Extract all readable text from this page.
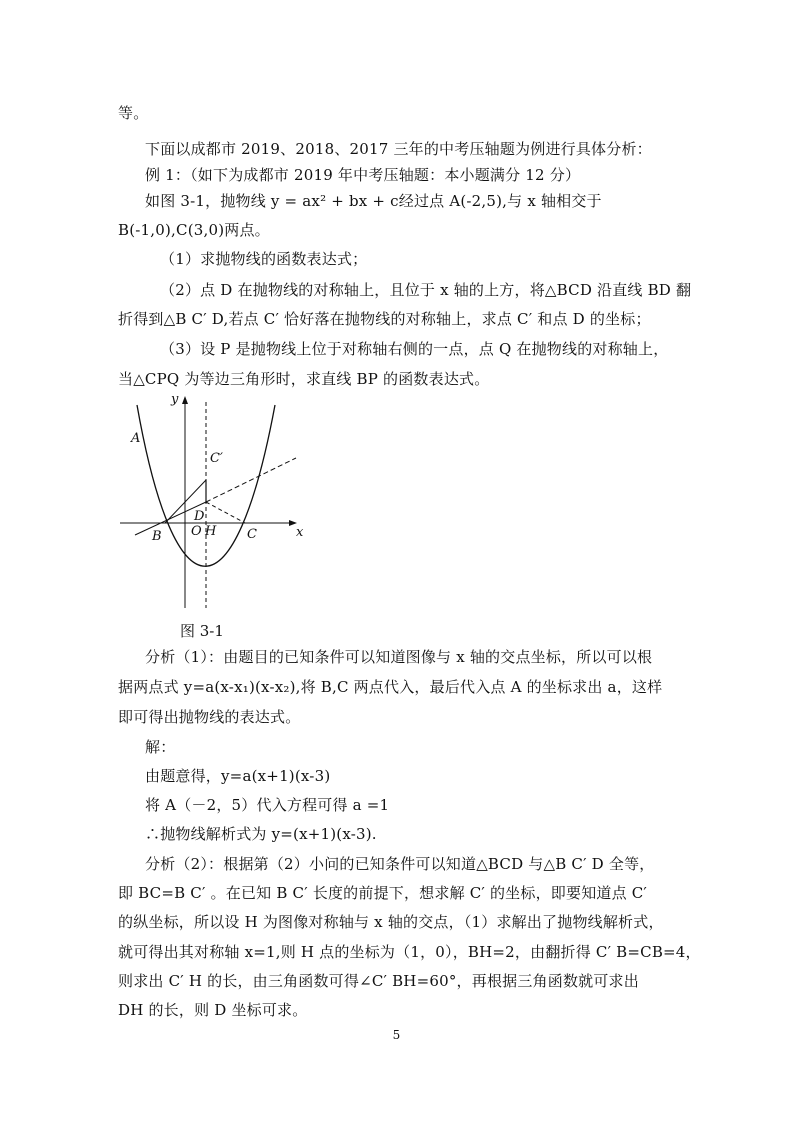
等。
下面以成都市 2019、2018、2017 三年的中考压轴题为例进行具体分析：
例 1：（如下为成都市 2019 年中考压轴题：本小题满分 12 分）
如图 3-1，抛物线 y = ax² + bx + c经过点 A(-2,5),与 x 轴相交于
B(-1,0),C(3,0)两点。
（1）求抛物线的函数表达式；
（2）点 D 在抛物线的对称轴上，且位于 x 轴的上方，将△BCD 沿直线 BD 翻
折得到△B C′ D,若点 C′ 恰好落在抛物线的对称轴上，求点 C′ 和点 D 的坐标；
（3）设 P 是抛物线上位于对称轴右侧的一点，点 Q 在抛物线的对称轴上，
当△CPQ 为等边三角形时，求直线 BP 的函数表达式。
y
x
A
C′
D
O H
B	C
图 3-1
分析（1）：由题目的已知条件可以知道图像与 x 轴的交点坐标，所以可以根
据两点式 y=a(x-x₁)(x-x₂),将 B,C 两点代入，最后代入点 A 的坐标求出 a，这样
即可得出抛物线的表达式。
解：
由题意得，y=a(x+1)(x-3)
将 A（－2，5）代入方程可得 a =1
∴抛物线解析式为 y=(x+1)(x-3).
分析（2）：根据第（2）小问的已知条件可以知道△BCD 与△B C′ D 全等，
即 BC=B C′ 。在已知 B C′ 长度的前提下，想求解 C′ 的坐标，即要知道点 C′
的纵坐标，所以设 H 为图像对称轴与 x 轴的交点，（1）求解出了抛物线解析式，
就可得出其对称轴 x=1,则 H 点的坐标为（1，0），BH=2，由翻折得 C′ B=CB=4，
则求出 C′ H 的长，由三角函数可得∠C′ BH=60°，再根据三角函数就可求出
DH 的长，则 D 坐标可求。
5
